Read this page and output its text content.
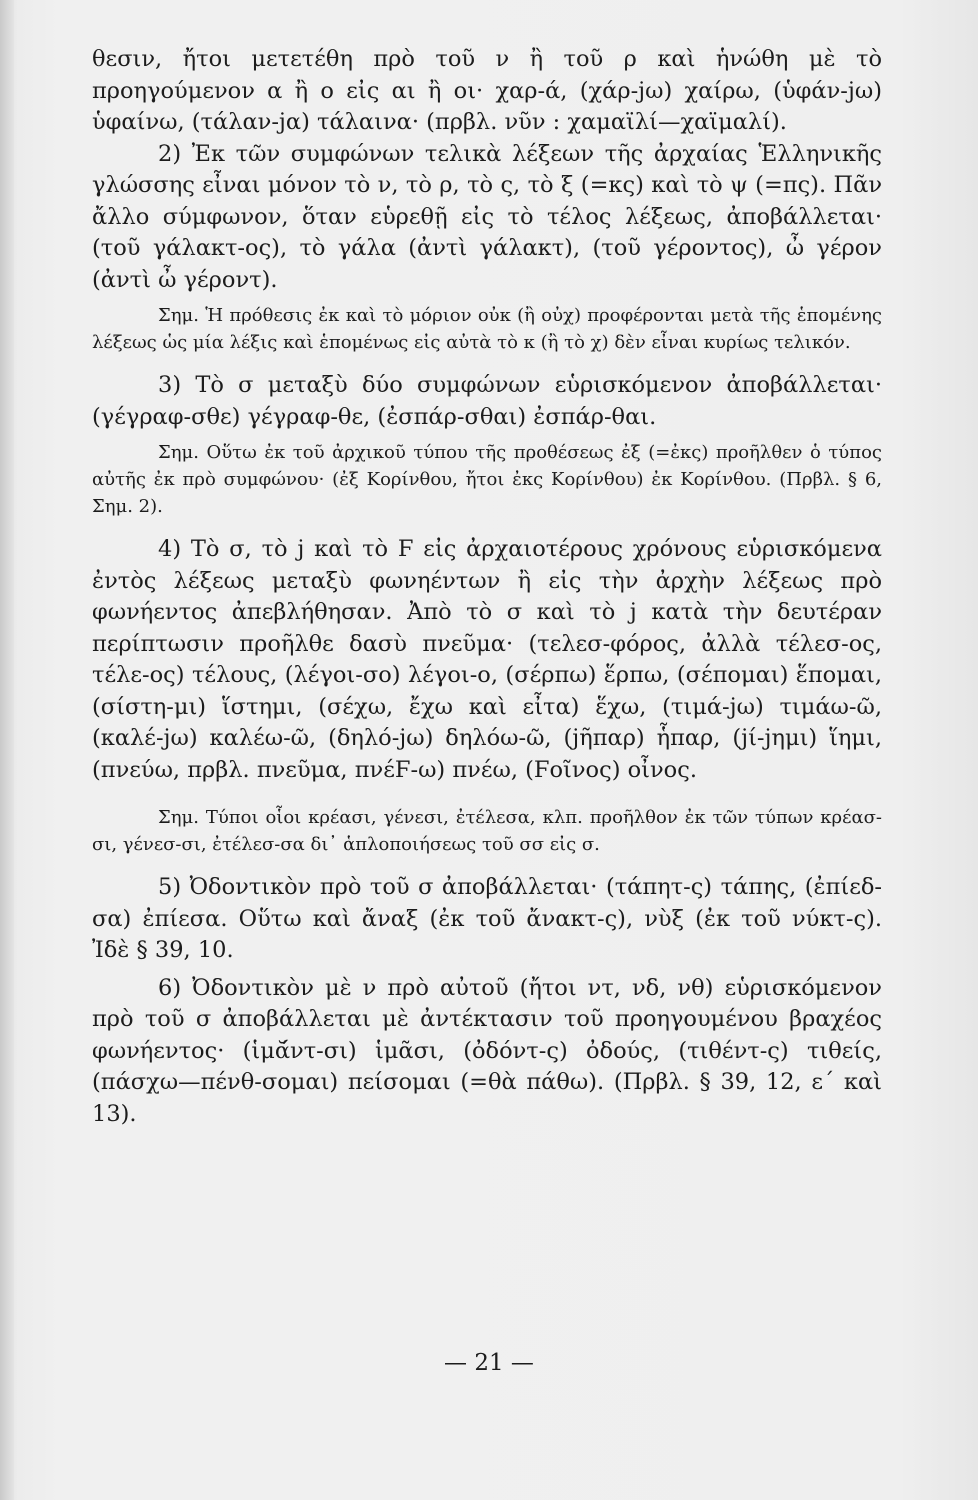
θεσιν, ἤτοι μετετέθη πρὸ τοῦ ν ἢ τοῦ ρ καὶ ἡνώθη μὲ τὸ προηγούμενον α ἢ ο εἰς αι ἢ οι· χαρ-ά, (χάρ-jω) χαίρω, (ὑφάν-jω) ὑφαίνω, (τάλαν-jα) τάλαινα· (πρβλ. νῦν : χαμαϊλί—χαϊμαλί).

2) Ἐκ τῶν συμφώνων τελικὰ λέξεων τῆς ἀρχαίας Ἑλληνικῆς γλώσσης εἶναι μόνον τὸ ν, τὸ ρ, τὸ ς, τὸ ξ (=κς) καὶ τὸ ψ (=πς). Πᾶν ἄλλο σύμφωνον, ὅταν εὑρεθῇ εἰς τὸ τέλος λέξεως, ἀποβάλλεται· (τοῦ γάλακτ-ος), τὸ γάλα (ἀντὶ γάλακτ), (τοῦ γέροντος), ὦ γέρον (ἀντὶ ὦ γέροντ).

Σημ. Ἡ πρόθεσις ἐκ καὶ τὸ μόριον οὐκ (ἢ οὐχ) προφέρονται μετὰ τῆς ἑπομένης λέξεως ὡς μία λέξις καὶ ἑπομένως εἰς αὐτὰ τὸ κ (ἢ τὸ χ) δὲν εἶναι κυρίως τελικόν.

3) Τὸ σ μεταξὺ δύο συμφώνων εὑρισκόμενον ἀποβάλλεται· (γέγραφ-σθε) γέγραφ-θε, (ἐσπάρ-σθαι) ἐσπάρ-θαι.

Σημ. Οὕτω ἐκ τοῦ ἀρχικοῦ τύπου τῆς προθέσεως ἐξ (=ἐκς) προῆλθεν ὁ τύπος αὐτῆς ἐκ πρὸ συμφώνου· (ἐξ Κορίνθου, ἤτοι ἐκς Κορίνθου) ἐκ Κορίνθου. (Πρβλ. § 6, Σημ. 2).

4) Τὸ σ, τὸ j καὶ τὸ Ϝ εἰς ἀρχαιοτέρους χρόνους εὑρισκόμενα ἐντὸς λέξεως μεταξὺ φωνηέντων ἢ εἰς τὴν ἀρχὴν λέξεως πρὸ φωνήεντος ἀπεβλήθησαν. Ἀπὸ τὸ σ καὶ τὸ j κατὰ τὴν δευτέραν περίπτωσιν προῆλθε δασὺ πνεῦμα· (τελεσ-φόρος, ἀλλὰ τέλεσ-ος, τέλε-ος) τέλους, (λέγοι-σο) λέγοι-ο, (σέρπω) ἕρπω, (σέπομαι) ἕπομαι, (σίστη-μι) ἵστημι, (σέχω, ἔχω καὶ εἶτα) ἕχω, (τιμά-jω) τιμάω-ῶ, (καλέ-jω) καλέω-ῶ, (δηλό-jω) δηλόω-ῶ, (jῆπαρ) ἧπαρ, (jί-jημι) ἵημι, (πνεύω, πρβλ. πνεῦμα, πνέϜ-ω) πνέω, (Ϝοῖνος) οἶνος.

Σημ. Τύποι οἷοι κρέασι, γένεσι, ἐτέλεσα, κλπ. προῆλθον ἐκ τῶν τύπων κρέασ-σι, γένεσ-σι, ἐτέλεσ-σα δι᾽ ἁπλοποιήσεως τοῦ σσ εἰς σ.

5) Ὀδοντικὸν πρὸ τοῦ σ ἀποβάλλεται· (τάπητ-ς) τάπης, (ἐπίεδ-σα) ἐπίεσα. Οὕτω καὶ ἄναξ (ἐκ τοῦ ἄνακτ-ς), νὺξ (ἐκ τοῦ νύκτ-ς). Ἰδὲ § 39, 10.

6) Ὀδοντικὸν μὲ ν πρὸ αὐτοῦ (ἤτοι ντ, νδ, νθ) εὑρισκόμενον πρὸ τοῦ σ ἀποβάλλεται μὲ ἀντέκτασιν τοῦ προηγουμένου βραχέος φωνήεντος· (ἱμᾰ́ντ-σι) ἱμᾶσι, (ὀδόντ-ς) ὀδούς, (τιθέντ-ς) τιθείς, (πάσχω—πένθ-σομαι) πείσομαι (=θὰ πάθω). (Πρβλ. § 39, 12, ε´ καὶ 13).

— 21 —
